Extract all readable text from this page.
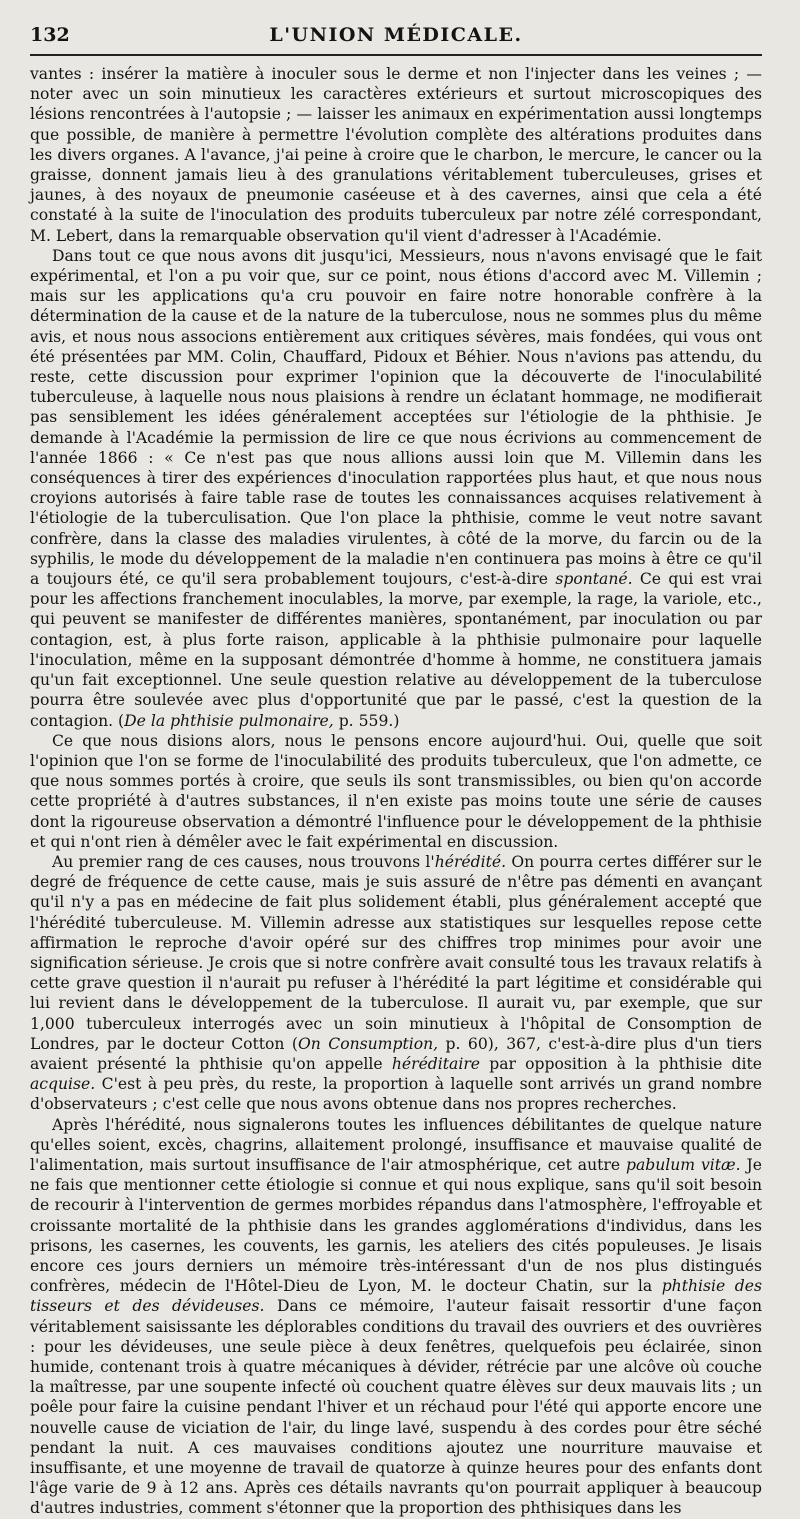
132	L'UNION MÉDICALE.

vantes : insérer la matière à inoculer sous le derme et non l'injecter dans les veines ; — noter avec un soin minutieux les caractères extérieurs et surtout microscopiques des lésions rencontrées à l'autopsie ; — laisser les animaux en expérimentation aussi longtemps que possible, de manière à permettre l'évolution complète des altérations produites dans les divers organes. A l'avance, j'ai peine à croire que le charbon, le mercure, le cancer ou la graisse, donnent jamais lieu à des granulations véritablement tuberculeuses, grises et jaunes, à des noyaux de pneumonie caséeuse et à des cavernes, ainsi que cela a été constaté à la suite de l'inoculation des produits tuberculeux par notre zélé correspondant, M. Lebert, dans la remarquable observation qu'il vient d'adresser à l'Académie.

Dans tout ce que nous avons dit jusqu'ici, Messieurs, nous n'avons envisagé que le fait expérimental, et l'on a pu voir que, sur ce point, nous étions d'accord avec M. Villemin ; mais sur les applications qu'a cru pouvoir en faire notre honorable confrère à la détermination de la cause et de la nature de la tuberculose, nous ne sommes plus du même avis, et nous nous associons entièrement aux critiques sévères, mais fondées, qui vous ont été présentées par MM. Colin, Chauffard, Pidoux et Béhier. Nous n'avions pas attendu, du reste, cette discussion pour exprimer l'opinion que la découverte de l'inoculabilité tuberculeuse, à laquelle nous nous plaisions à rendre un éclatant hommage, ne modifierait pas sensiblement les idées généralement acceptées sur l'étiologie de la phthisie. Je demande à l'Académie la permission de lire ce que nous écrivions au commencement de l'année 1866 : « Ce n'est pas que nous allions aussi loin que M. Villemin dans les conséquences à tirer des expériences d'inoculation rapportées plus haut, et que nous nous croyions autorisés à faire table rase de toutes les connaissances acquises relativement à l'étiologie de la tuberculisation. Que l'on place la phthisie, comme le veut notre savant confrère, dans la classe des maladies virulentes, à côté de la morve, du farcin ou de la syphilis, le mode du développement de la maladie n'en continuera pas moins à être ce qu'il a toujours été, ce qu'il sera probablement toujours, c'est-à-dire spontané. Ce qui est vrai pour les affections franchement inoculables, la morve, par exemple, la rage, la variole, etc., qui peuvent se manifester de différentes manières, spontanément, par inoculation ou par contagion, est, à plus forte raison, applicable à la phthisie pulmonaire pour laquelle l'inoculation, même en la supposant démontrée d'homme à homme, ne constituera jamais qu'un fait exceptionnel. Une seule question relative au développement de la tuberculose pourra être soulevée avec plus d'opportunité que par le passé, c'est la question de la contagion. (De la phthisie pulmonaire, p. 559.)

Ce que nous disions alors, nous le pensons encore aujourd'hui. Oui, quelle que soit l'opinion que l'on se forme de l'inoculabilité des produits tuberculeux, que l'on admette, ce que nous sommes portés à croire, que seuls ils sont transmissibles, ou bien qu'on accorde cette propriété à d'autres substances, il n'en existe pas moins toute une série de causes dont la rigoureuse observation a démontré l'influence pour le développement de la phthisie et qui n'ont rien à démêler avec le fait expérimental en discussion.

Au premier rang de ces causes, nous trouvons l'hérédité. On pourra certes différer sur le degré de fréquence de cette cause, mais je suis assuré de n'être pas démenti en avançant qu'il n'y a pas en médecine de fait plus solidement établi, plus généralement accepté que l'hérédité tuberculeuse. M. Villemin adresse aux statistiques sur lesquelles repose cette affirmation le reproche d'avoir opéré sur des chiffres trop minimes pour avoir une signification sérieuse. Je crois que si notre confrère avait consulté tous les travaux relatifs à cette grave question il n'aurait pu refuser à l'hérédité la part légitime et considérable qui lui revient dans le développement de la tuberculose. Il aurait vu, par exemple, que sur 1,000 tuberculeux interrogés avec un soin minutieux à l'hôpital de Consomption de Londres, par le docteur Cotton (On Consumption, p. 60), 367, c'est-à-dire plus d'un tiers avaient présenté la phthisie qu'on appelle héréditaire par opposition à la phthisie dite acquise. C'est à peu près, du reste, la proportion à laquelle sont arrivés un grand nombre d'observateurs ; c'est celle que nous avons obtenue dans nos propres recherches.

Après l'hérédité, nous signalerons toutes les influences débilitantes de quelque nature qu'elles soient, excès, chagrins, allaitement prolongé, insuffisance et mauvaise qualité de l'alimentation, mais surtout insuffisance de l'air atmosphérique, cet autre pabulum vitæ. Je ne fais que mentionner cette étiologie si connue et qui nous explique, sans qu'il soit besoin de recourir à l'intervention de germes morbides répandus dans l'atmosphère, l'effroyable et croissante mortalité de la phthisie dans les grandes agglomérations d'individus, dans les prisons, les casernes, les couvents, les garnis, les ateliers des cités populeuses. Je lisais encore ces jours derniers un mémoire très-intéressant d'un de nos plus distingués confrères, médecin de l'Hôtel-Dieu de Lyon, M. le docteur Chatin, sur la phthisie des tisseurs et des dévideuses. Dans ce mémoire, l'auteur faisait ressortir d'une façon véritablement saisissante les déplorables conditions du travail des ouvriers et des ouvrières : pour les dévideuses, une seule pièce à deux fenêtres, quelquefois peu éclairée, sinon humide, contenant trois à quatre mécaniques à dévider, rétrécie par une alcôve où couche la maîtresse, par une soupente infecté où couchent quatre élèves sur deux mauvais lits ; un poêle pour faire la cuisine pendant l'hiver et un réchaud pour l'été qui apporte encore une nouvelle cause de viciation de l'air, du linge lavé, suspendu à des cordes pour être séché pendant la nuit. A ces mauvaises conditions ajoutez une nourriture mauvaise et insuffisante, et une moyenne de travail de quatorze à quinze heures pour des enfants dont l'âge varie de 9 à 12 ans. Après ces détails navrants qu'on pourrait appliquer à beaucoup d'autres industries, comment s'étonner que la proportion des phthisiques dans les
